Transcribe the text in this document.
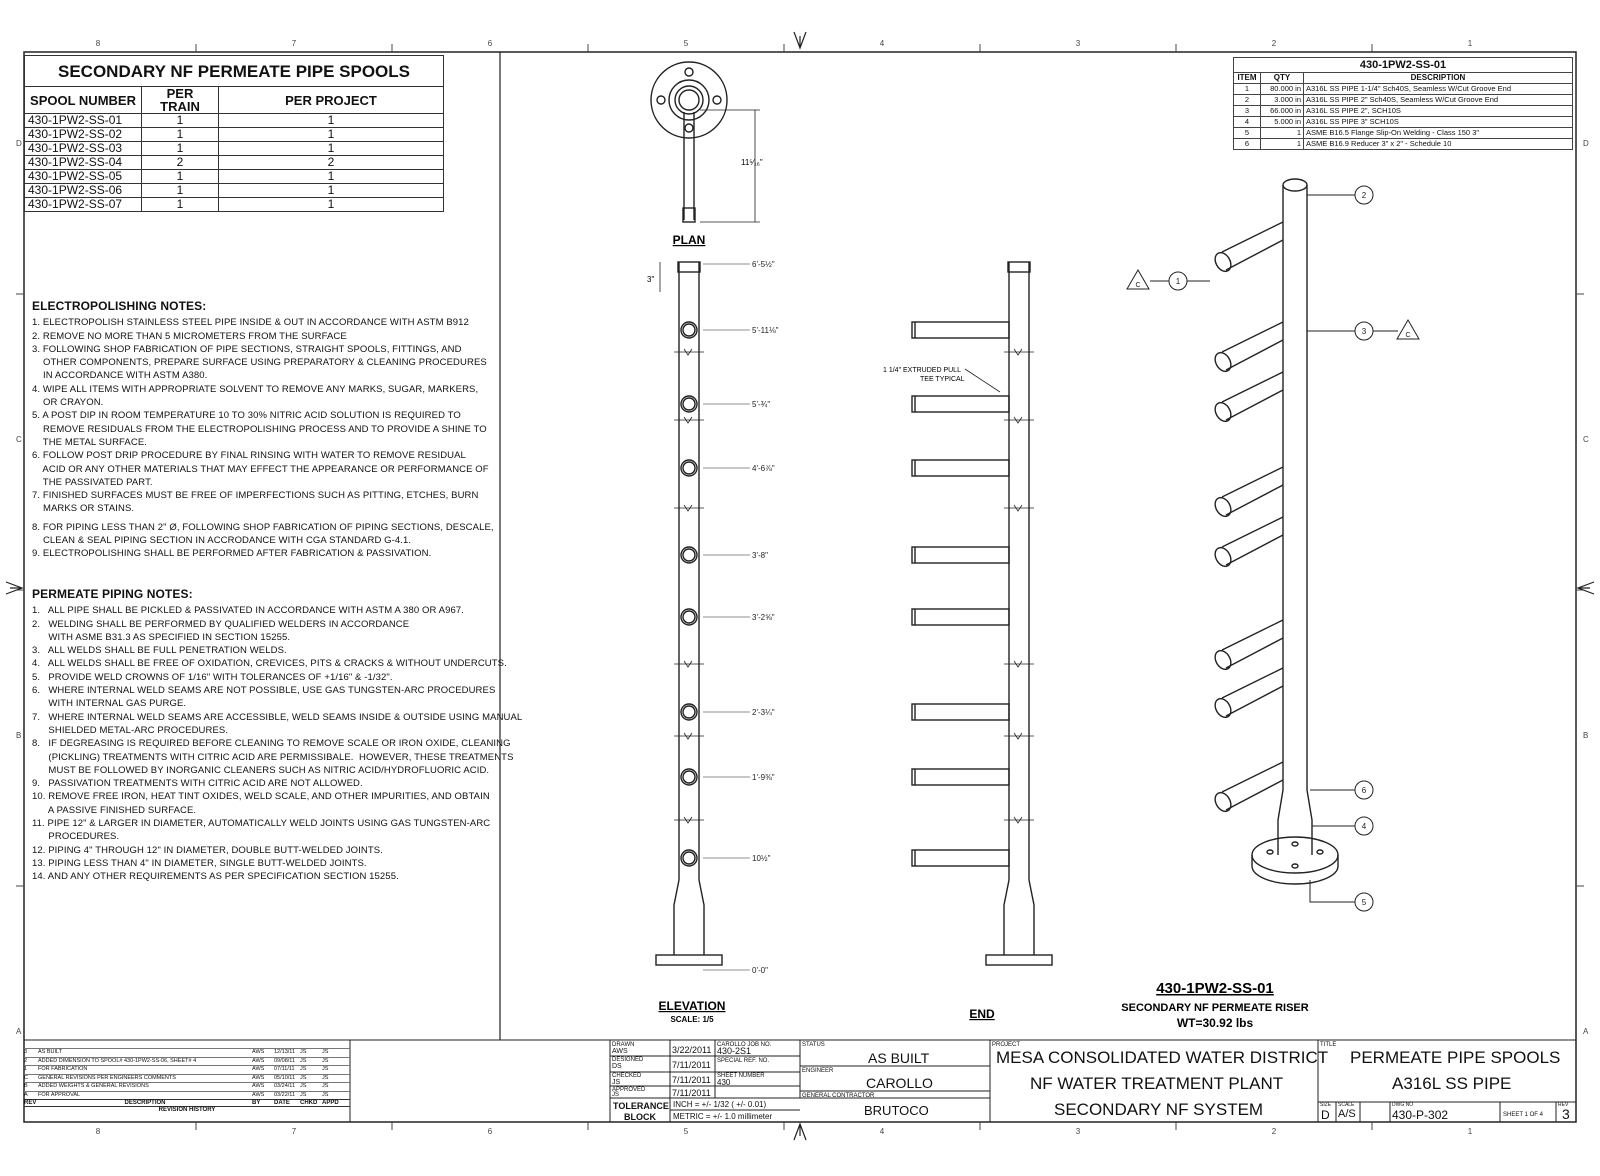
8
8
7
7
6
6
5
5
4
4
3
3
2
2
1
1
D	D
C	C
B	B
A	A
11⁵⁄₁₆"
PLAN
3"
6'-5½"
5'-11⅛"
5'-¾"
4'-6⅞"
3'-8"
3'-2⅝"
2'-3¼"
1'-9⅜"
10½"
0'-0"
ELEVATION
SCALE: 1/5
1 1/4" EXTRUDED PULL
TEE TYPICAL
END
1
2
3
6
4
5
C
C
430-1PW2-SS-01
SECONDARY NF PERMEATE RISER
WT=30.92 lbs
SECONDARY NF PERMEATE PIPE SPOOLS		
SPOOL NUMBER	PER TRAIN	PER PROJECT
430-1PW2-SS-01	1	1
430-1PW2-SS-02	1	1
430-1PW2-SS-03	1	1
430-1PW2-SS-04	2	2
430-1PW2-SS-05	1	1
430-1PW2-SS-06	1	1
430-1PW2-SS-07	1	1
430-1PW2-SS-01		
ITEM	QTY	DESCRIPTION
1	80.000 in	A316L SS PIPE 1-1/4" Sch40S, Seamless W/Cut Groove End
2	3.000 in	A316L SS PIPE 2" Sch40S, Seamless W/Cut Groove End
3	66.000 in	A316L SS PIPE 2", SCH10S
4	5.000 in	A316L SS PIPE 3" SCH10S
5	1	ASME B16.5 Flange Slip-On Welding - Class 150 3"
6	1	ASME B16.9 Reducer 3" x 2" - Schedule 10
ELECTROPOLISHING NOTES:
1. ELECTROPOLISH STAINLESS STEEL PIPE INSIDE & OUT IN ACCORDANCE WITH ASTM B912
2. REMOVE NO MORE THAN 5 MICROMETERS FROM THE SURFACE
3. FOLLOWING SHOP FABRICATION OF PIPE SECTIONS, STRAIGHT SPOOLS, FITTINGS, AND
OTHER COMPONENTS, PREPARE SURFACE USING PREPARATORY & CLEANING PROCEDURES
IN ACCORDANCE WITH ASTM A380.
4. WIPE ALL ITEMS WITH APPROPRIATE SOLVENT TO REMOVE ANY MARKS, SUGAR, MARKERS,
OR CRAYON.
5. A POST DIP IN ROOM TEMPERATURE 10 TO 30% NITRIC ACID SOLUTION IS REQUIRED TO
REMOVE RESIDUALS FROM THE ELECTROPOLISHING PROCESS AND TO PROVIDE A SHINE TO
THE METAL SURFACE.
6. FOLLOW POST DRIP PROCEDURE BY FINAL RINSING WITH WATER TO REMOVE RESIDUAL
ACID OR ANY OTHER MATERIALS THAT MAY EFFECT THE APPEARANCE OR PERFORMANCE OF
THE PASSIVATED PART.
7. FINISHED SURFACES MUST BE FREE OF IMPERFECTIONS SUCH AS PITTING, ETCHES, BURN
MARKS OR STAINS.
8. FOR PIPING LESS THAN 2" Ø, FOLLOWING SHOP FABRICATION OF PIPING SECTIONS, DESCALE,
CLEAN & SEAL PIPING SECTION IN ACCRODANCE WITH CGA STANDARD G-4.1.
9. ELECTROPOLISHING SHALL BE PERFORMED AFTER FABRICATION & PASSIVATION.
PERMEATE PIPING NOTES:
1.   ALL PIPE SHALL BE PICKLED & PASSIVATED IN ACCORDANCE WITH ASTM A 380 OR A967.
2.   WELDING SHALL BE PERFORMED BY QUALIFIED WELDERS IN ACCORDANCE
WITH ASME B31.3 AS SPECIFIED IN SECTION 15255.
3.   ALL WELDS SHALL BE FULL PENETRATION WELDS.
4.   ALL WELDS SHALL BE FREE OF OXIDATION, CREVICES, PITS & CRACKS & WITHOUT UNDERCUTS.
5.   PROVIDE WELD CROWNS OF 1/16" WITH TOLERANCES OF +1/16" & -1/32".
6.   WHERE INTERNAL WELD SEAMS ARE NOT POSSIBLE, USE GAS TUNGSTEN-ARC PROCEDURES
WITH INTERNAL GAS PURGE.
7.   WHERE INTERNAL WELD SEAMS ARE ACCESSIBLE, WELD SEAMS INSIDE & OUTSIDE USING MANUAL
SHIELDED METAL-ARC PROCEDURES.
8.   IF DEGREASING IS REQUIRED BEFORE CLEANING TO REMOVE SCALE OR IRON OXIDE, CLEANING
(PICKLING) TREATMENTS WITH CITRIC ACID ARE PERMISSIBALE.  HOWEVER, THESE TREATMENTS
MUST BE FOLLOWED BY INORGANIC CLEANERS SUCH AS NITRIC ACID/HYDROFLUORIC ACID.
9.   PASSIVATION TREATMENTS WITH CITRIC ACID ARE NOT ALLOWED.
10. REMOVE FREE IRON, HEAT TINT OXIDES, WELD SCALE, AND OTHER IMPURITIES, AND OBTAIN
A PASSIVE FINISHED SURFACE.
11. PIPE 12" & LARGER IN DIAMETER, AUTOMATICALLY WELD JOINTS USING GAS TUNGSTEN-ARC
PROCEDURES.
12. PIPING 4" THROUGH 12" IN DIAMETER, DOUBLE BUTT-WELDED JOINTS.
13. PIPING LESS THAN 4" IN DIAMETER, SINGLE BUTT-WELDED JOINTS.
14. AND ANY OTHER REQUIREMENTS AS PER SPECIFICATION SECTION 15255.
3	AS BUILT	AWS	12/13/11 JS	JS
2	ADDED DIMENSION TO SPOOL# 430-1PW2-SS-06, SHEET# 4	AWS	09/08/11 JS	JS
1	FOR FABRICATION	AWS	07/11/11 JS	JS
C	GENERAL REVISIONS PER ENGINEERS COMMENTS	AWS	05/10/11 JS	JS
B	ADDED WEIGHTS & GENERAL REVISIONS	AWS	03/24/11 JS	JS
A	FOR APPROVAL	AWS	03/22/11 JS	JS
REV	DESCRIPTION	BY	DATE	CHKD APPD
REVISION HISTORY
DRAWN
AWS	3/22/2011
DESIGNED
DS	7/11/2011
CHECKED
JS	7/11/2011
APPROVED
JS	7/11/2011
CAROLLO JOB NO.
430-2S1
SPECIAL REF. NO.
SHEET NUMBER
430
TOLERANCE
BLOCK
INCH = +/- 1/32 ( +/- 0.01)
METRIC = +/- 1.0 millimeter
STATUS
AS BUILT
ENGINEER
CAROLLO
GENERAL CONTRACTOR
BRUTOCO
PROJECT
MESA CONSOLIDATED WATER DISTRICT
NF WATER TREATMENT PLANT
SECONDARY NF SYSTEM
TITLE
PERMEATE PIPE SPOOLS
A316L SS PIPE
SIZE
D
SCALE
A/S
DWG NO
430-P-302	SHEET 1 OF 4
REV
3
